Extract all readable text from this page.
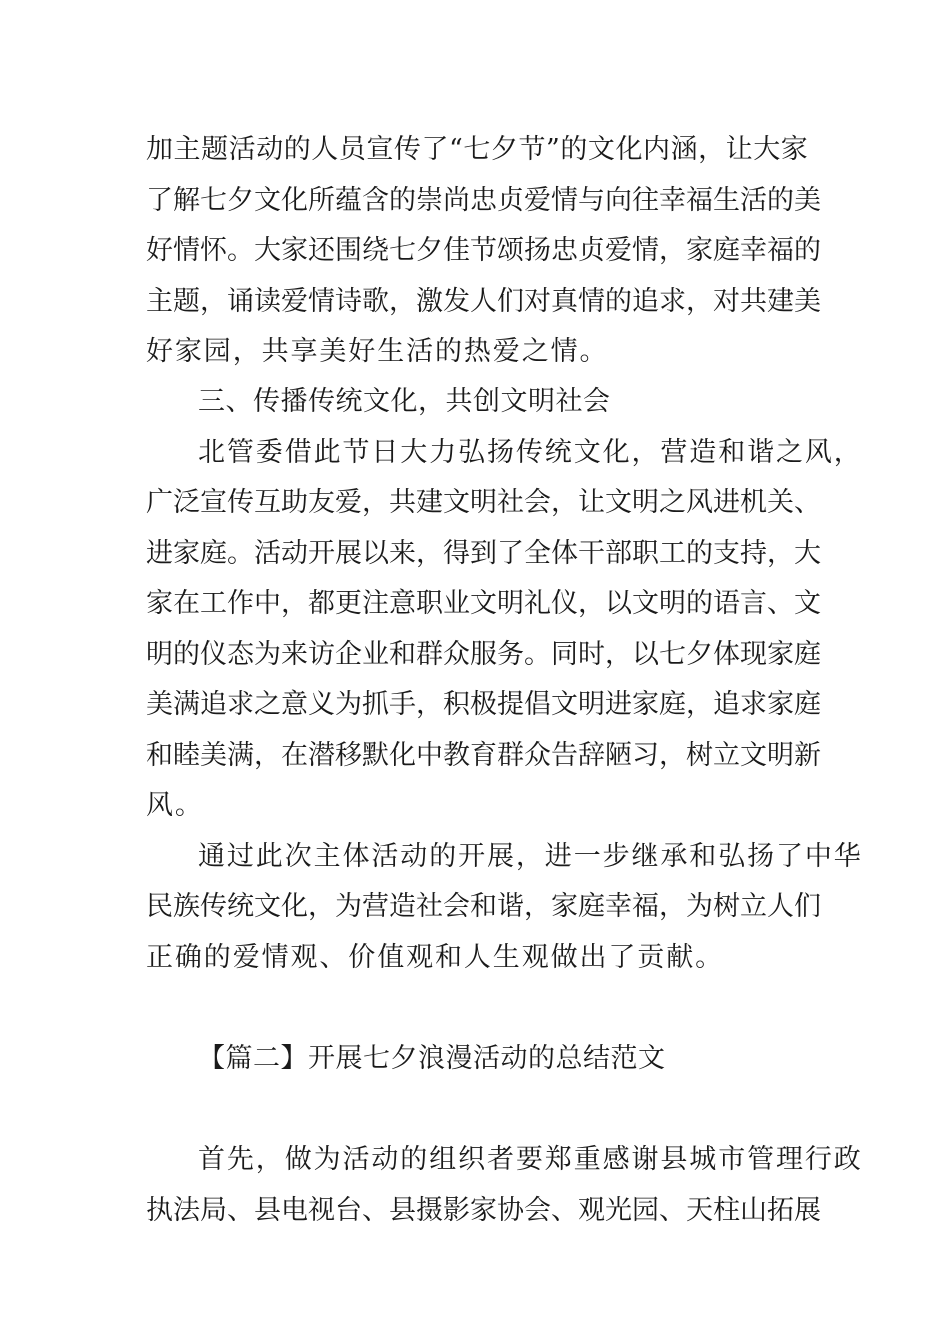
加 主 题 活 动 的 人 员 宣 传 了 “ 七 夕 节 ” 的 文 化 内 涵 ， 让 大 家
了 解 七 夕 文 化 所 蕴 含 的 崇 尚 忠 贞 爱 情 与 向 往 幸 福 生 活 的 美
好 情 怀 。 大 家 还 围 绕 七 夕 佳 节 颂 扬 忠 贞 爱 情 ， 家 庭 幸 福 的
主 题 ， 诵 读 爱 情 诗 歌 ， 激 发 人 们 对 真 情 的 追 求 ， 对 共 建 美
好家园，共享美好生活的热爱之情。
三、传播传统文化，共创文明社会
北管委借此节日大力弘扬传统文化，营造和谐之风，
广 泛 宣 传 互 助 友 爱 ， 共 建 文 明 社 会 ， 让 文 明 之 风 进 机 关 、
进 家 庭 。 活 动 开 展 以 来 ， 得 到 了 全 体 干 部 职 工 的 支 持 ， 大
家 在 工 作 中 ， 都 更 注 意 职 业 文 明 礼 仪 ， 以 文 明 的 语 言 、 文
明 的 仪 态 为 来 访 企 业 和 群 众 服 务 。 同 时 ， 以 七 夕 体 现 家 庭
美 满 追 求 之 意 义 为 抓 手 ， 积 极 提 倡 文 明 进 家 庭 ， 追 求 家 庭
和 睦 美 满 ， 在 潜 移 默 化 中 教 育 群 众 告 辞 陋 习 ， 树 立 文 明 新
风。
通过此次主体活动的开展，进一步继承和弘扬了中华
民 族 传 统 文 化 ， 为 营 造 社 会 和 谐 ， 家 庭 幸 福 ， 为 树 立 人 们
正确的爱情观、价值观和人生观做出了贡献。
【篇二】开展七夕浪漫活动的总结范文
首先，做为活动的组织者要郑重感谢县城市管理行政
执 法 局 、 县 电 视 台 、 县 摄 影 家 协 会 、 观 光 园 、 天 柱 山 拓 展
